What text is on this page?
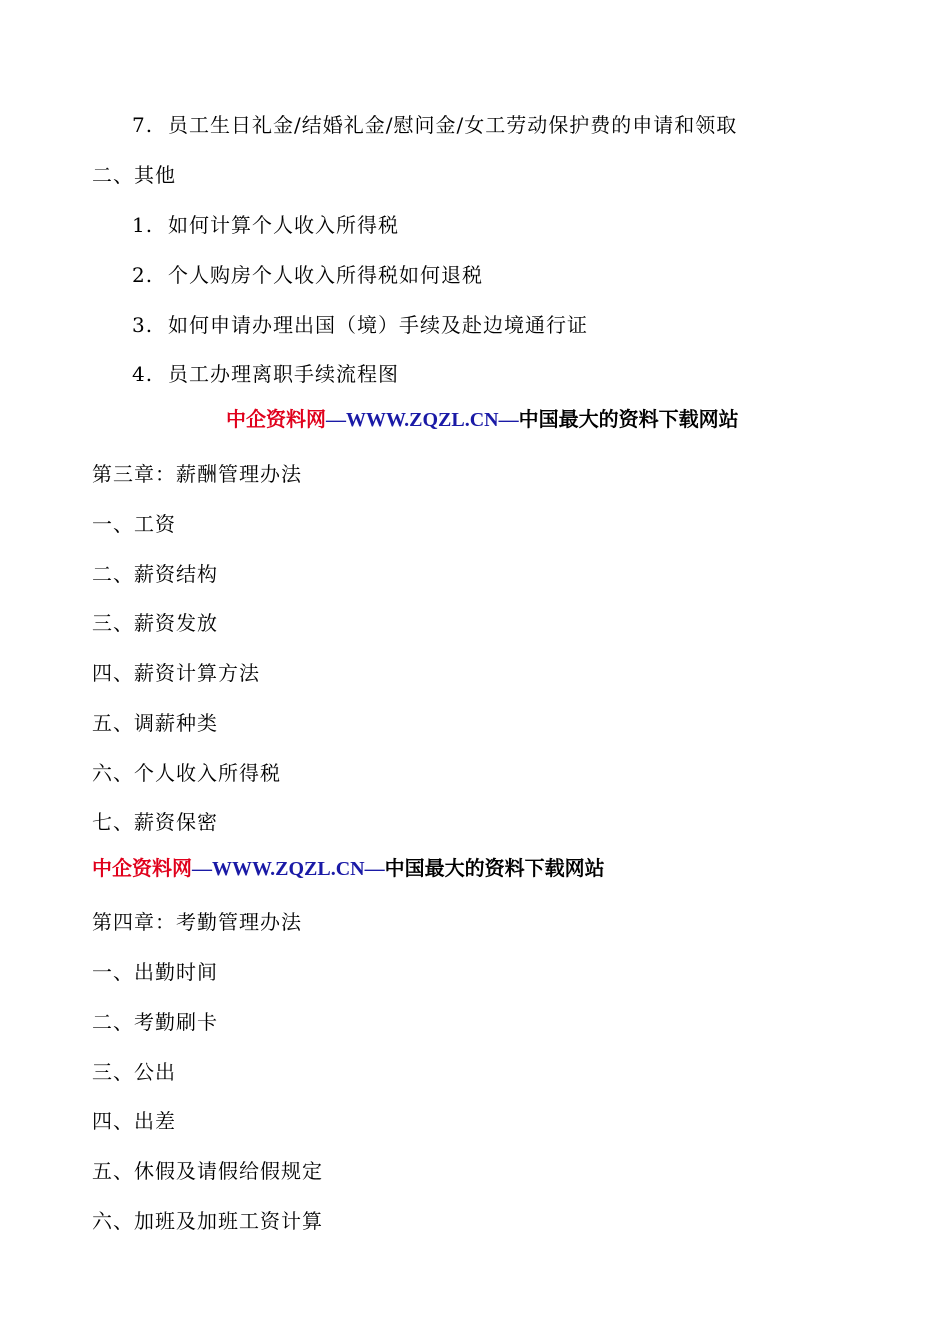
7. 员工生日礼金/结婚礼金/慰问金/女工劳动保护费的申请和领取
二、其他
1. 如何计算个人收入所得税
2. 个人购房个人收入所得税如何退税
3. 如何申请办理出国（境）手续及赴边境通行证
4. 员工办理离职手续流程图
中企资料网—WWW.ZQZL.CN—中国最大的资料下载网站
第三章：薪酬管理办法
一、工资
二、薪资结构
三、薪资发放
四、薪资计算方法
五、调薪种类
六、个人收入所得税
七、薪资保密
中企资料网—WWW.ZQZL.CN—中国最大的资料下载网站
第四章：考勤管理办法
一、出勤时间
二、考勤刷卡
三、公出
四、出差
五、休假及请假给假规定
六、加班及加班工资计算
